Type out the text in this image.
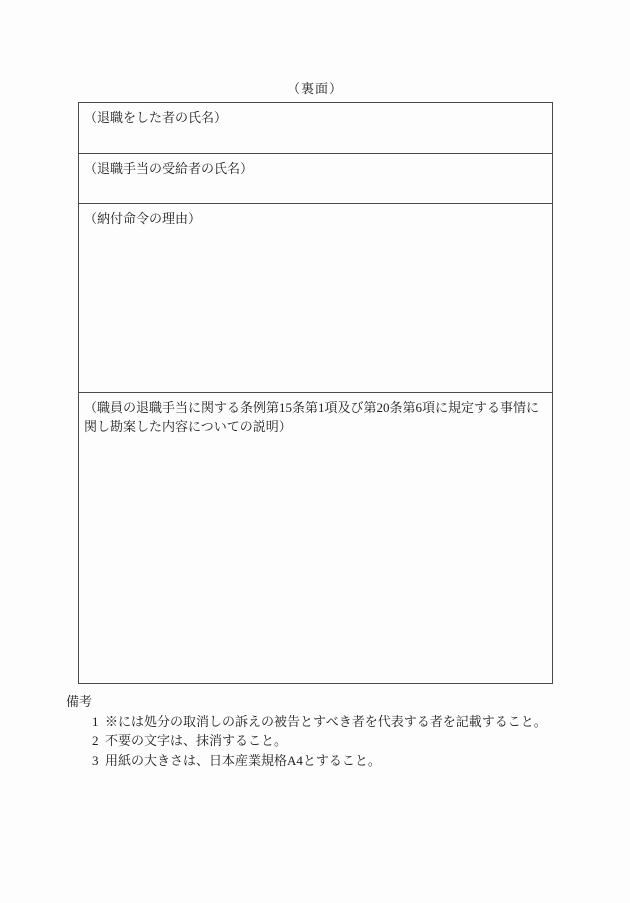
（裏面）
（退職をした者の氏名）
（退職手当の受給者の氏名）
（納付命令の理由）
（職員の退職手当に関する条例第15条第1項及び第20条第6項に規定する事情に関し勘案した内容についての説明）
備考
1 ※には処分の取消しの訴えの被告とすべき者を代表する者を記載すること。
2 不要の文字は、抹消すること。
3 用紙の大きさは、日本産業規格A4とすること。
